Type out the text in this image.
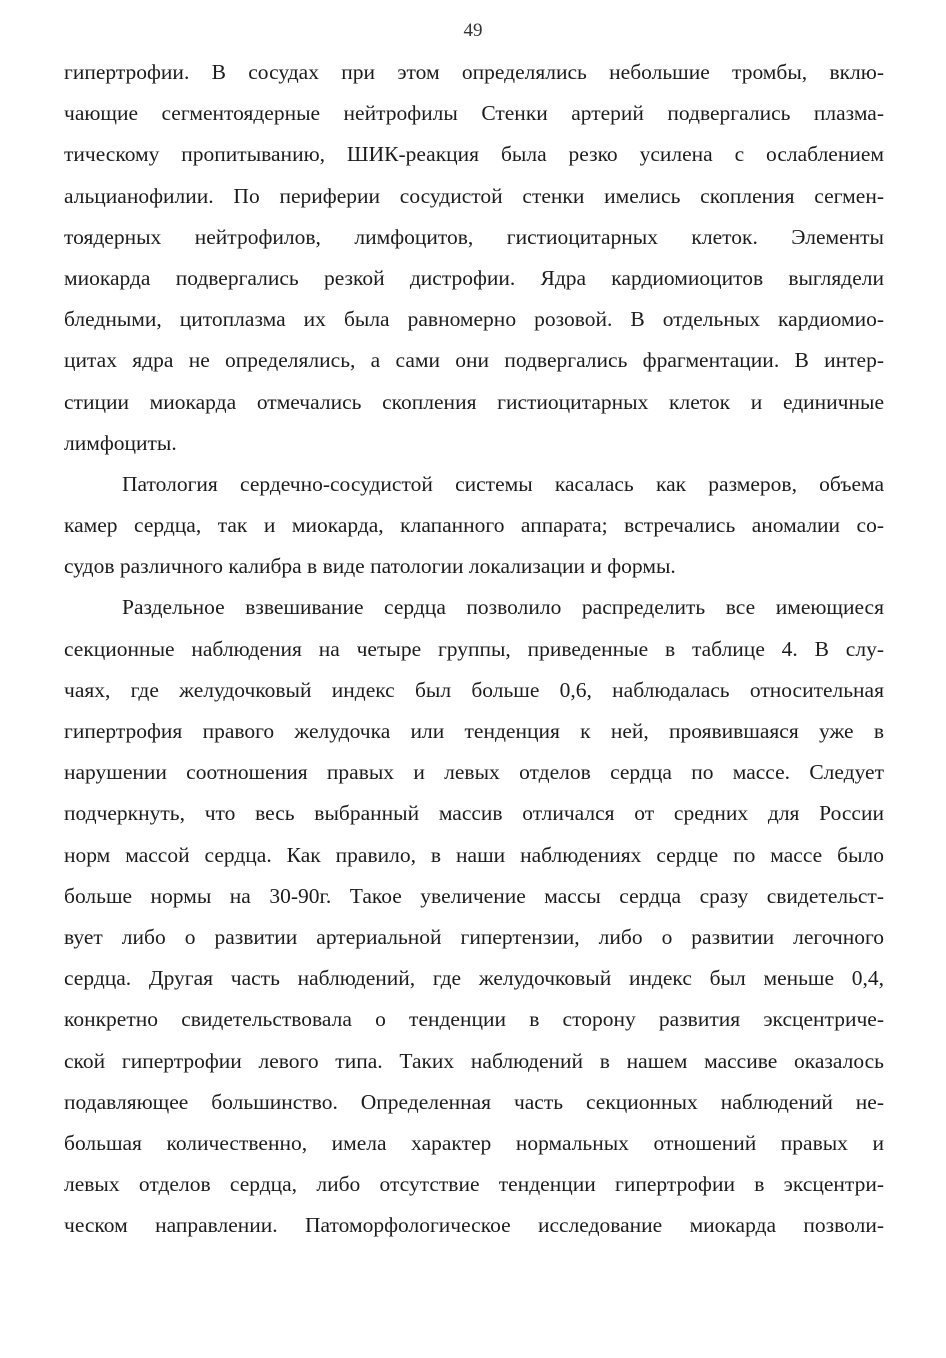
49
гипертрофии. В сосудах при этом определялись небольшие тромбы, вклю-
чающие сегментоядерные нейтрофилы Стенки артерий подвергались плазма-
тическому пропитыванию, ШИК-реакция была резко усилена с ослаблением
альцианофилии. По периферии сосудистой стенки имелись скопления сегмен-
тоядерных нейтрофилов, лимфоцитов, гистиоцитарных клеток. Элементы
миокарда подвергались резкой дистрофии. Ядра кардиомиоцитов выглядели
бледными, цитоплазма их была равномерно розовой. В отдельных кардиомио-
цитах ядра не определялись, а сами они подвергались фрагментации. В интер-
стиции миокарда отмечались скопления гистиоцитарных клеток и единичные
лимфоциты.
Патология сердечно-сосудистой системы касалась как размеров, объема
камер сердца, так и миокарда, клапанного аппарата; встречались аномалии со-
судов различного калибра в виде патологии локализации и формы.
Раздельное взвешивание сердца позволило распределить все имеющиеся
секционные наблюдения на четыре группы, приведенные в таблице 4. В слу-
чаях, где желудочковый индекс был больше 0,6, наблюдалась относительная
гипертрофия правого желудочка или тенденция к ней, проявившаяся уже в
нарушении соотношения правых и левых отделов сердца по массе. Следует
подчеркнуть, что весь выбранный массив отличался от средних для России
норм массой сердца. Как правило, в наши наблюдениях сердце по массе было
больше нормы на 30-90г. Такое увеличение массы сердца сразу свидетельст-
вует либо о развитии артериальной гипертензии, либо о развитии легочного
сердца. Другая часть наблюдений, где желудочковый индекс был меньше 0,4,
конкретно свидетельствовала о тенденции в сторону развития эксцентриче-
ской гипертрофии левого типа. Таких наблюдений в нашем массиве оказалось
подавляющее большинство. Определенная часть секционных наблюдений не-
большая количественно, имела характер нормальных отношений правых и
левых отделов сердца, либо отсутствие тенденции гипертрофии в эксцентри-
ческом направлении. Патоморфологическое исследование миокарда позволи-
